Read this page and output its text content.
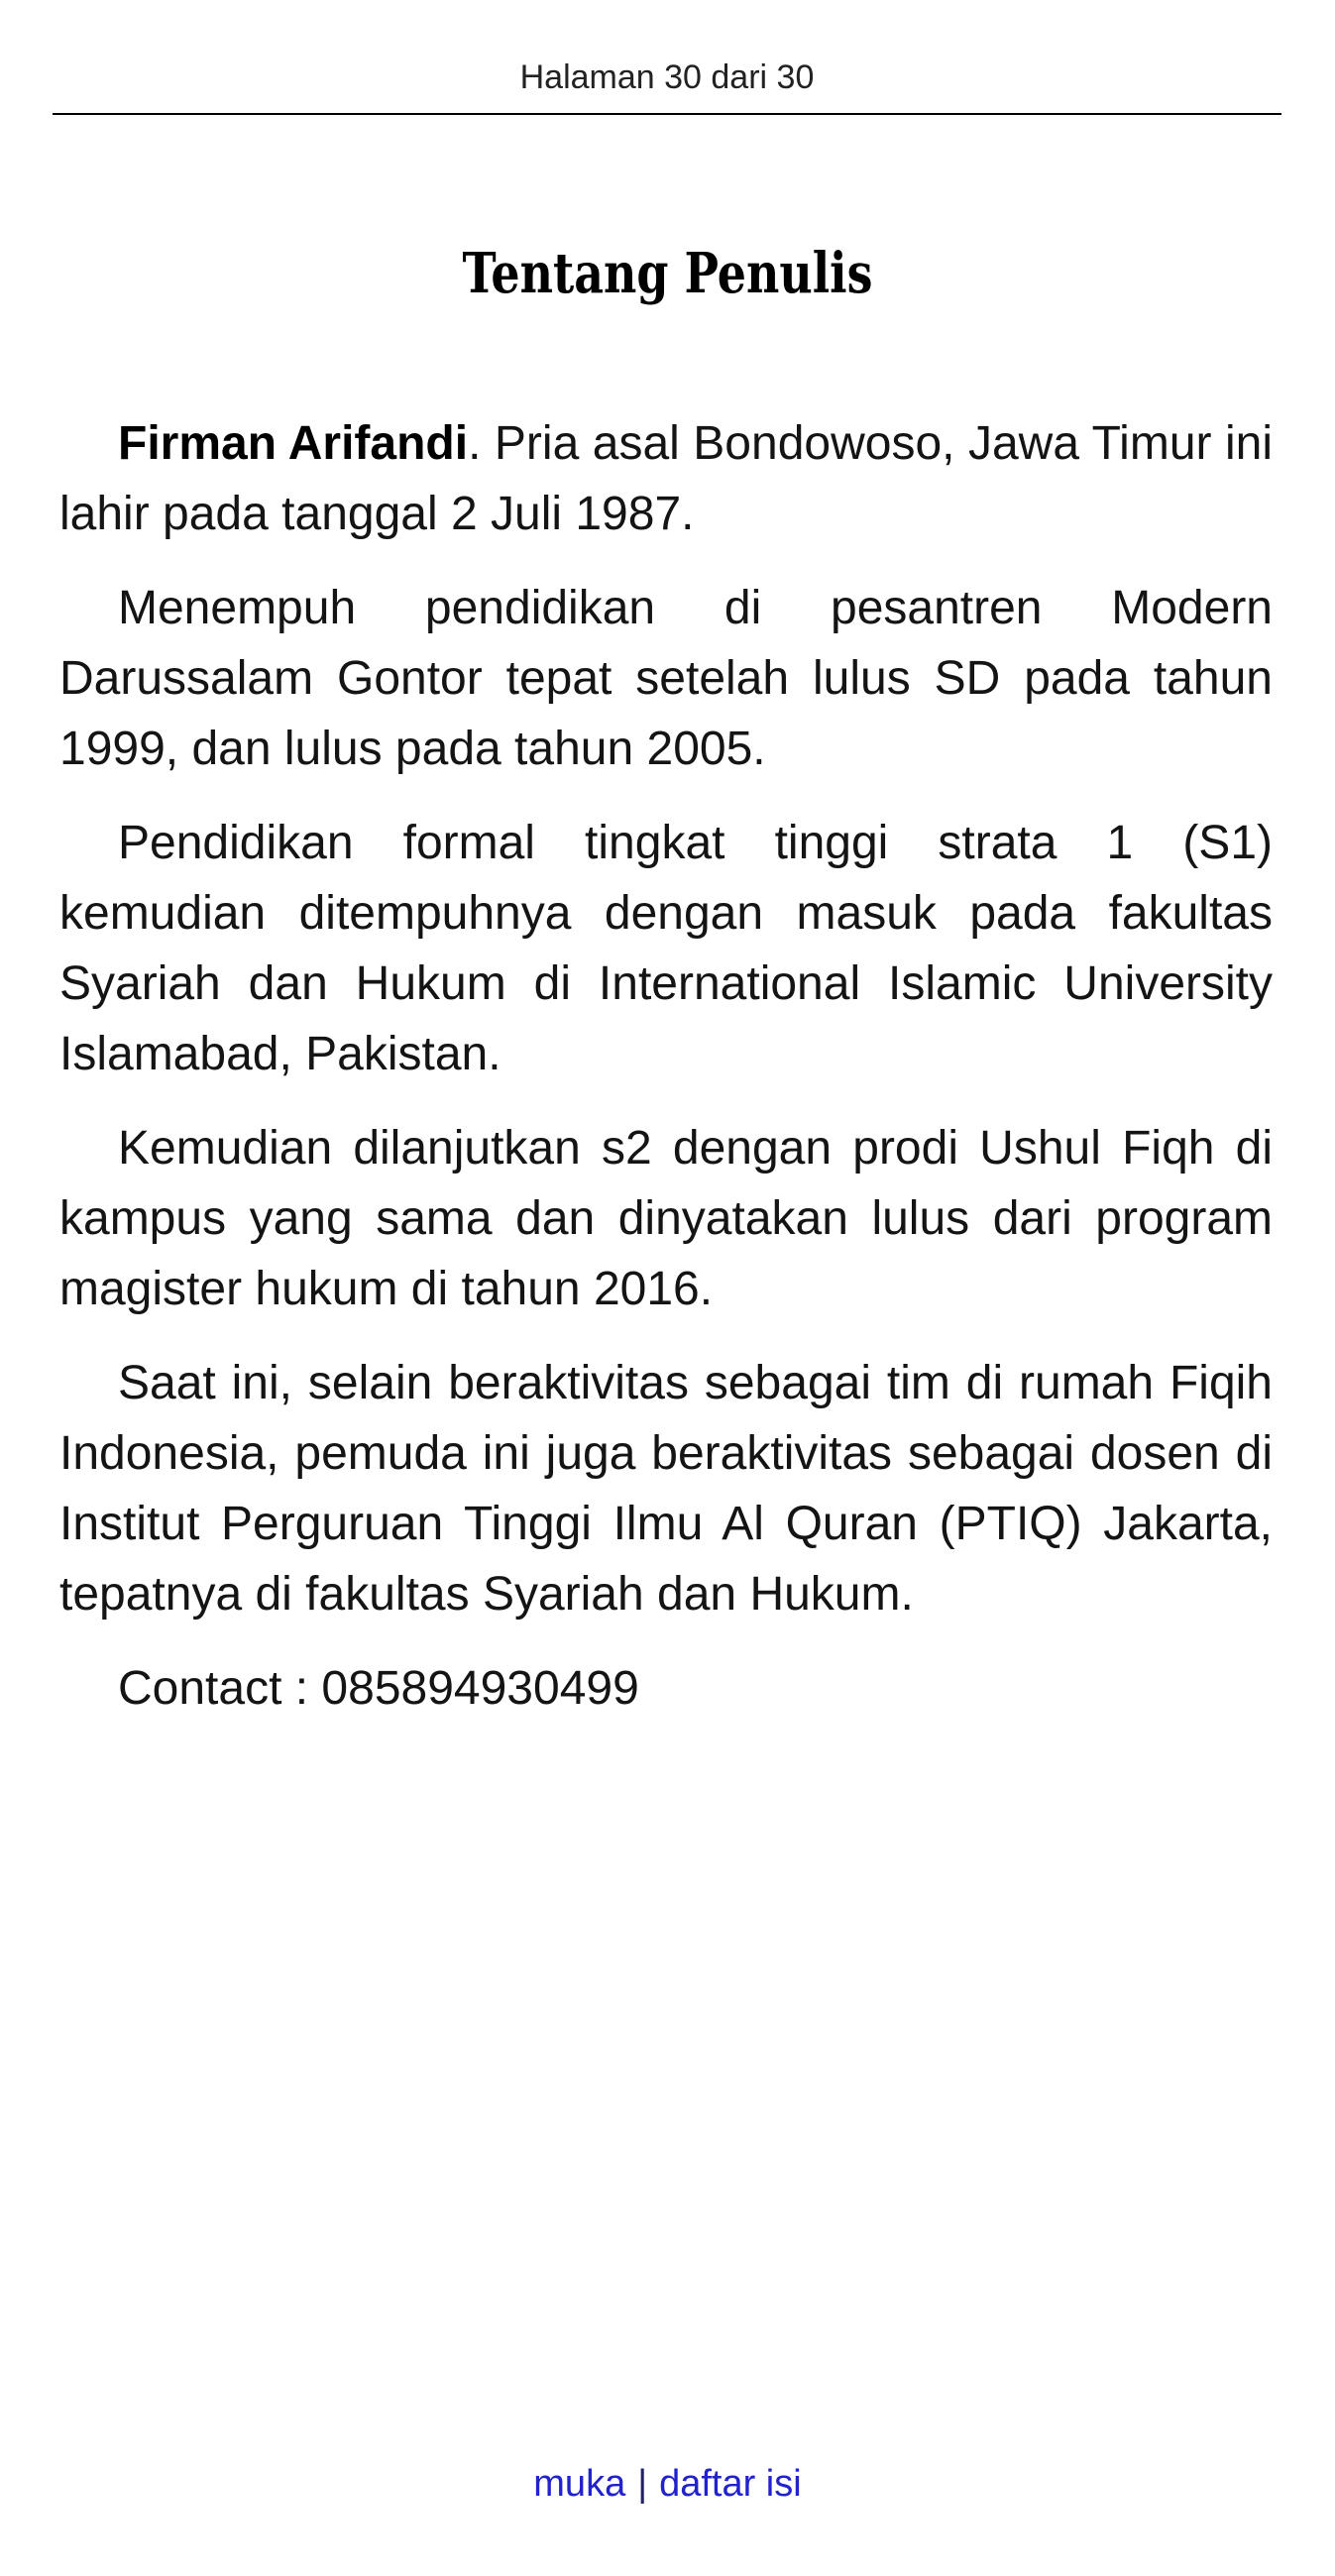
Halaman 30 dari 30
Tentang Penulis

Firman Arifandi. Pria asal Bondowoso, Jawa Timur ini lahir pada tanggal 2 Juli 1987.

Menempuh pendidikan di pesantren Modern Darussalam Gontor tepat setelah lulus SD pada tahun 1999, dan lulus pada tahun 2005.

Pendidikan formal tingkat tinggi strata 1 (S1) kemudian ditempuhnya dengan masuk pada fakultas Syariah dan Hukum di International Islamic University Islamabad, Pakistan.

Kemudian dilanjutkan s2 dengan prodi Ushul Fiqh di kampus yang sama dan dinyatakan lulus dari program magister hukum di tahun 2016.

Saat ini, selain beraktivitas sebagai tim di rumah Fiqih Indonesia, pemuda ini juga beraktivitas sebagai dosen di Institut Perguruan Tinggi Ilmu Al Quran (PTIQ) Jakarta, tepatnya di fakultas Syariah dan Hukum.

Contact : 085894930499

muka | daftar isi
